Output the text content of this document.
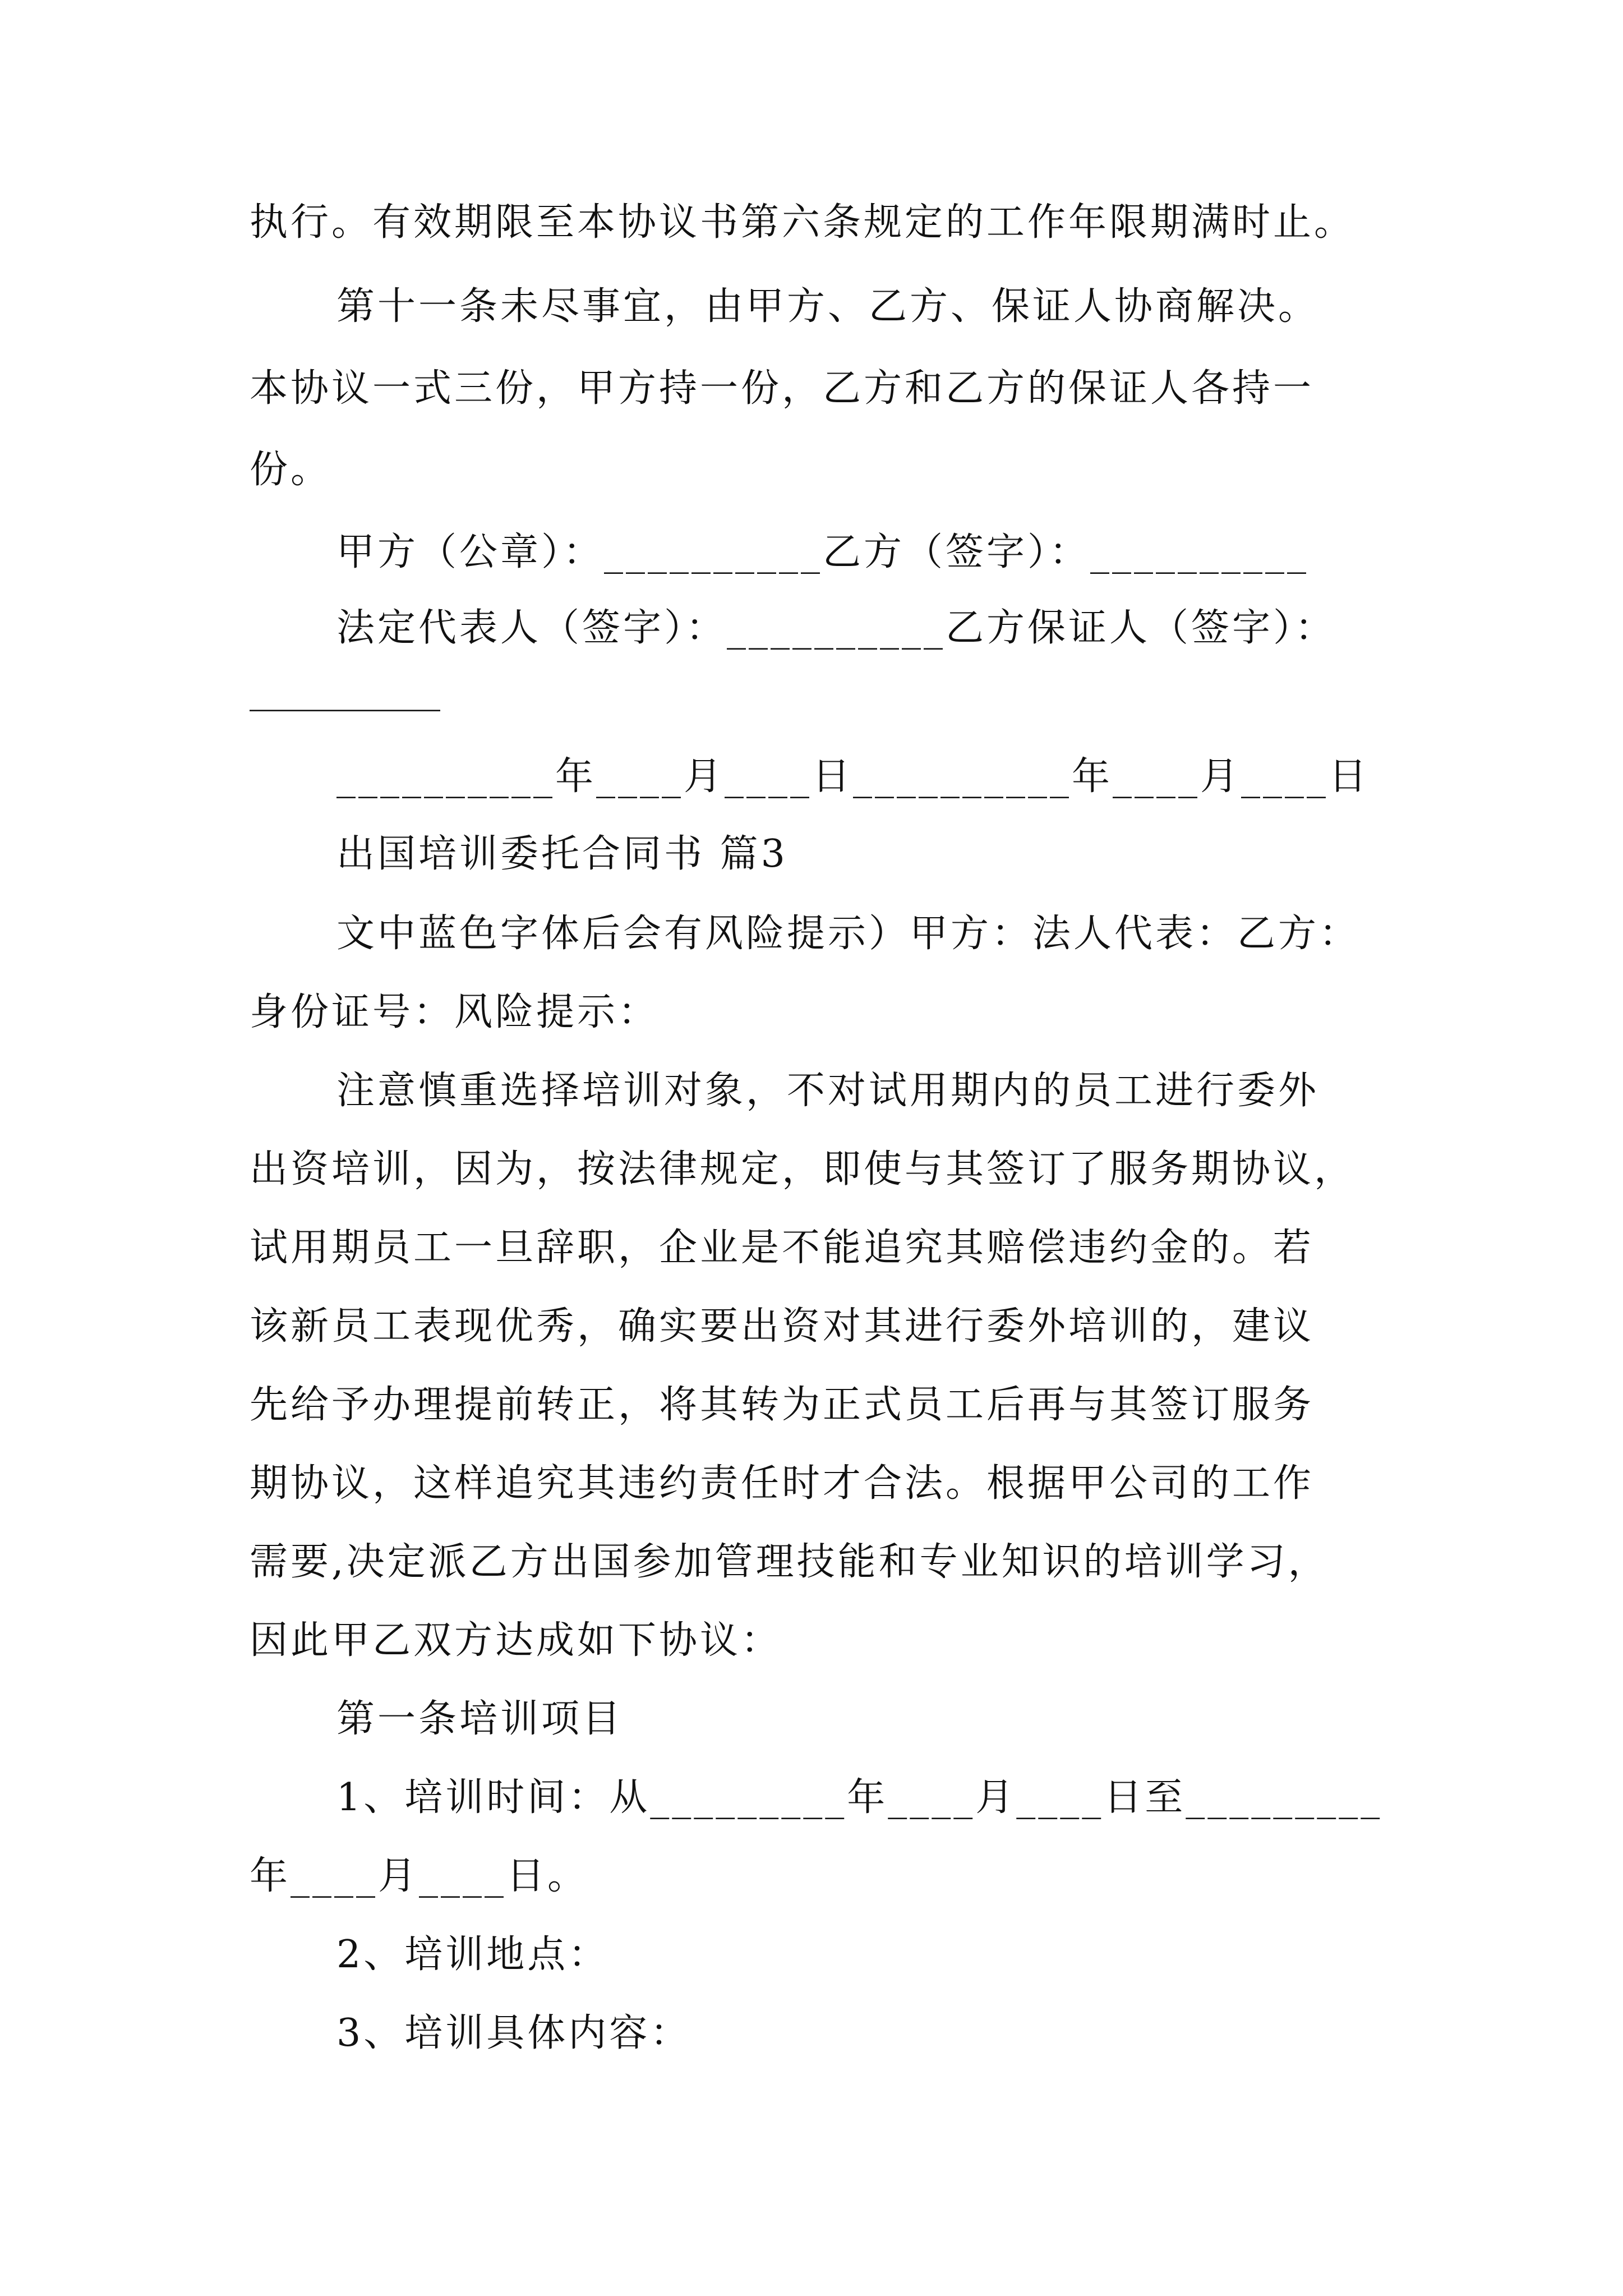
执行。有效期限至本协议书第六条规定的工作年限期满时止。
第十一条未尽事宜，由甲方、乙方、保证人协商解决。
本协议一式三份，甲方持一份，乙方和乙方的保证人各持一
份。
甲方（公章）：__________乙方（签字）：__________
法定代表人（签字）：__________乙方保证人（签字）：
__________
__________年____月____日__________年____月____日
出国培训委托合同书 篇3
文中蓝色字体后会有风险提示）甲方：法人代表：乙方：
身份证号：风险提示：
注意慎重选择培训对象，不对试用期内的员工进行委外
出资培训，因为，按法律规定，即使与其签订了服务期协议，
试用期员工一旦辞职，企业是不能追究其赔偿违约金的。若
该新员工表现优秀，确实要出资对其进行委外培训的，建议
先给予办理提前转正，将其转为正式员工后再与其签订服务
期协议，这样追究其违约责任时才合法。根据甲公司的工作
需要,决定派乙方出国参加管理技能和专业知识的培训学习，
因此甲乙双方达成如下协议：
第一条培训项目
1、培训时间：从_________年____月____日至_________
年____月____日。
2、培训地点：
3、培训具体内容：
